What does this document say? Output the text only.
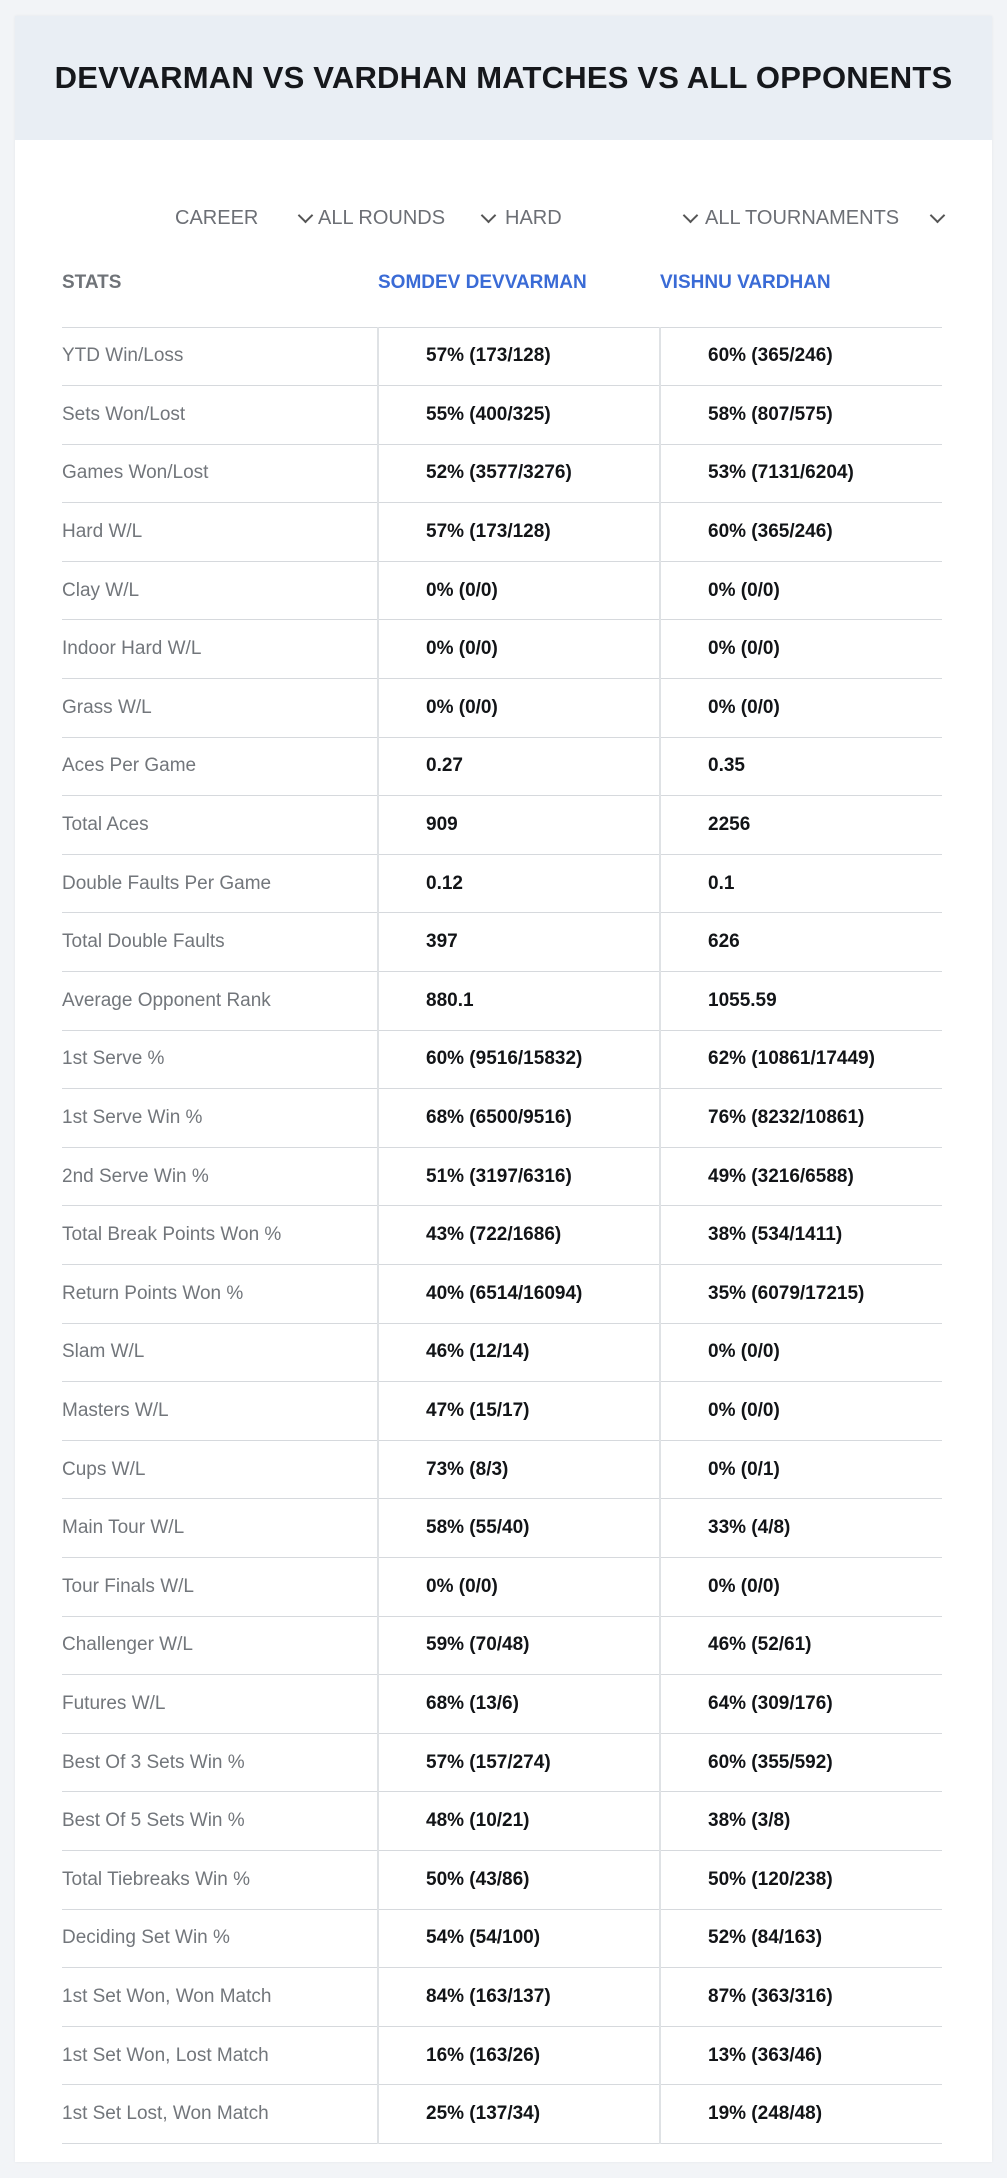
DEVVARMAN VS VARDHAN MATCHES VS ALL OPPONENTS
CAREER	ALL ROUNDS	HARD	ALL TOURNAMENTS
STATS	SOMDEV DEVVARMAN	VISHNU VARDHAN
YTD Win/Loss	57% (173/128)	60% (365/246)
Sets Won/Lost	55% (400/325)	58% (807/575)
Games Won/Lost	52% (3577/3276)	53% (7131/6204)
Hard W/L	57% (173/128)	60% (365/246)
Clay W/L	0% (0/0)	0% (0/0)
Indoor Hard W/L	0% (0/0)	0% (0/0)
Grass W/L	0% (0/0)	0% (0/0)
Aces Per Game	0.27	0.35
Total Aces	909	2256
Double Faults Per Game	0.12	0.1
Total Double Faults	397	626
Average Opponent Rank	880.1	1055.59
1st Serve %	60% (9516/15832)	62% (10861/17449)
1st Serve Win %	68% (6500/9516)	76% (8232/10861)
2nd Serve Win %	51% (3197/6316)	49% (3216/6588)
Total Break Points Won %	43% (722/1686)	38% (534/1411)
Return Points Won %	40% (6514/16094)	35% (6079/17215)
Slam W/L	46% (12/14)	0% (0/0)
Masters W/L	47% (15/17)	0% (0/0)
Cups W/L	73% (8/3)	0% (0/1)
Main Tour W/L	58% (55/40)	33% (4/8)
Tour Finals W/L	0% (0/0)	0% (0/0)
Challenger W/L	59% (70/48)	46% (52/61)
Futures W/L	68% (13/6)	64% (309/176)
Best Of 3 Sets Win %	57% (157/274)	60% (355/592)
Best Of 5 Sets Win %	48% (10/21)	38% (3/8)
Total Tiebreaks Win %	50% (43/86)	50% (120/238)
Deciding Set Win %	54% (54/100)	52% (84/163)
1st Set Won, Won Match	84% (163/137)	87% (363/316)
1st Set Won, Lost Match	16% (163/26)	13% (363/46)
1st Set Lost, Won Match	25% (137/34)	19% (248/48)
